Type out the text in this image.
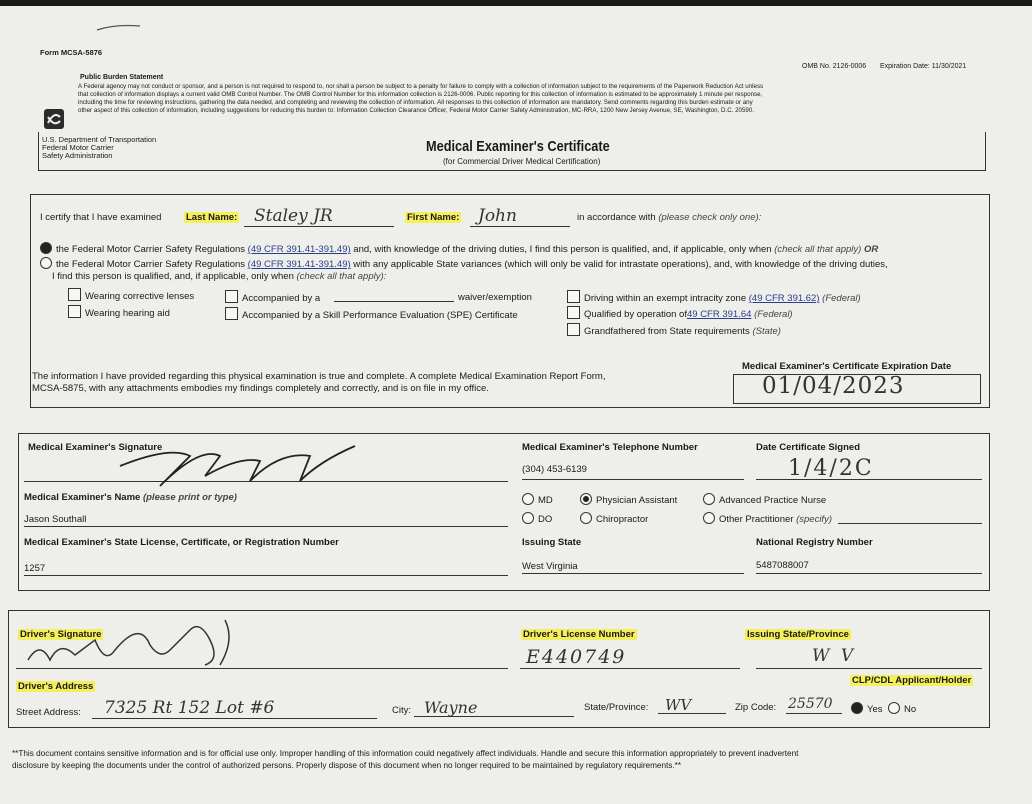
Form MCSA-5876
OMB No. 2126-0006 Expiration Date: 11/30/2021
Public Burden Statement
A Federal agency may not conduct or sponsor, and a person is not required to respond to, nor shall a person be subject to a penalty for failure to comply with a collection of information subject to the requirements of the Paperwork Reduction Act unless
that collection of information displays a current valid OMB Control Number. The OMB Control Number for this information collection is 2126-0006. Public reporting for this collection of information is estimated to be approximately 1 minute per response,
including the time for reviewing instructions, gathering the data needed, and completing and reviewing the collection of information. All responses to this collection of information are mandatory. Send comments regarding this burden estimate or any
other aspect of this collection of information, including suggestions for reducing this burden to: Information Collection Clearance Officer, Federal Motor Carrier Safety Administration, MC-RRA, 1200 New Jersey Avenue, SE, Washington, D.C. 20590.
U.S. Department of Transportation
Federal Motor Carrier
Safety Administration
Medical Examiner's Certificate
(for Commercial Driver Medical Certification)
I certify that I have examined	Last Name: Staley JR	First Name: John	in accordance with (please check only one):
the Federal Motor Carrier Safety Regulations (49 CFR 391.41-391.49) and, with knowledge of the driving duties, I find this person is qualified, and, if applicable, only when (check all that apply) OR
the Federal Motor Carrier Safety Regulations (49 CFR 391.41-391.49) with any applicable State variances (which will only be valid for intrastate operations), and, with knowledge of the driving duties,
I find this person is qualified, and, if applicable, only when (check all that apply):
Wearing corrective lenses
Wearing hearing aid
Accompanied by a	waiver/exemption
Accompanied by a Skill Performance Evaluation (SPE) Certificate
Driving within an exempt intracity zone (49 CFR 391.62) (Federal)
Qualified by operation of49 CFR 391.64 (Federal)
Grandfathered from State requirements (State)
The information I have provided regarding this physical examination is true and complete. A complete Medical Examination Report Form,
MCSA-5875, with any attachments embodies my findings completely and correctly, and is on file in my office.
Medical Examiner's Certificate Expiration Date
01/04/2023
Medical Examiner's Signature	Medical Examiner's Telephone Number
(304) 453-6139
Date Certificate Signed
1/4/2C
Medical Examiner's Name (please print or type)
Jason Southall
MD	Physician Assistant	Advanced Practice Nurse
DO	Chiropractor	Other Practitioner (specify)
Medical Examiner's State License, Certificate, or Registration Number
1257
Issuing State
West Virginia
National Registry Number
5487088007
Driver's Signature	Driver's License Number
E440749
Issuing State/Province
W V
Driver's Address
CLP/CDL Applicant/Holder
Street Address: 7325 Rt 152 Lot #6	City: Wayne	State/Province: WV	Zip Code: 25570	Yes	No
**This document contains sensitive information and is for official use only. Improper handling of this information could negatively affect individuals. Handle and secure this information appropriately to prevent inadvertent
disclosure by keeping the documents under the control of authorized persons. Properly dispose of this document when no longer required to be maintained by regulatory requirements.**
